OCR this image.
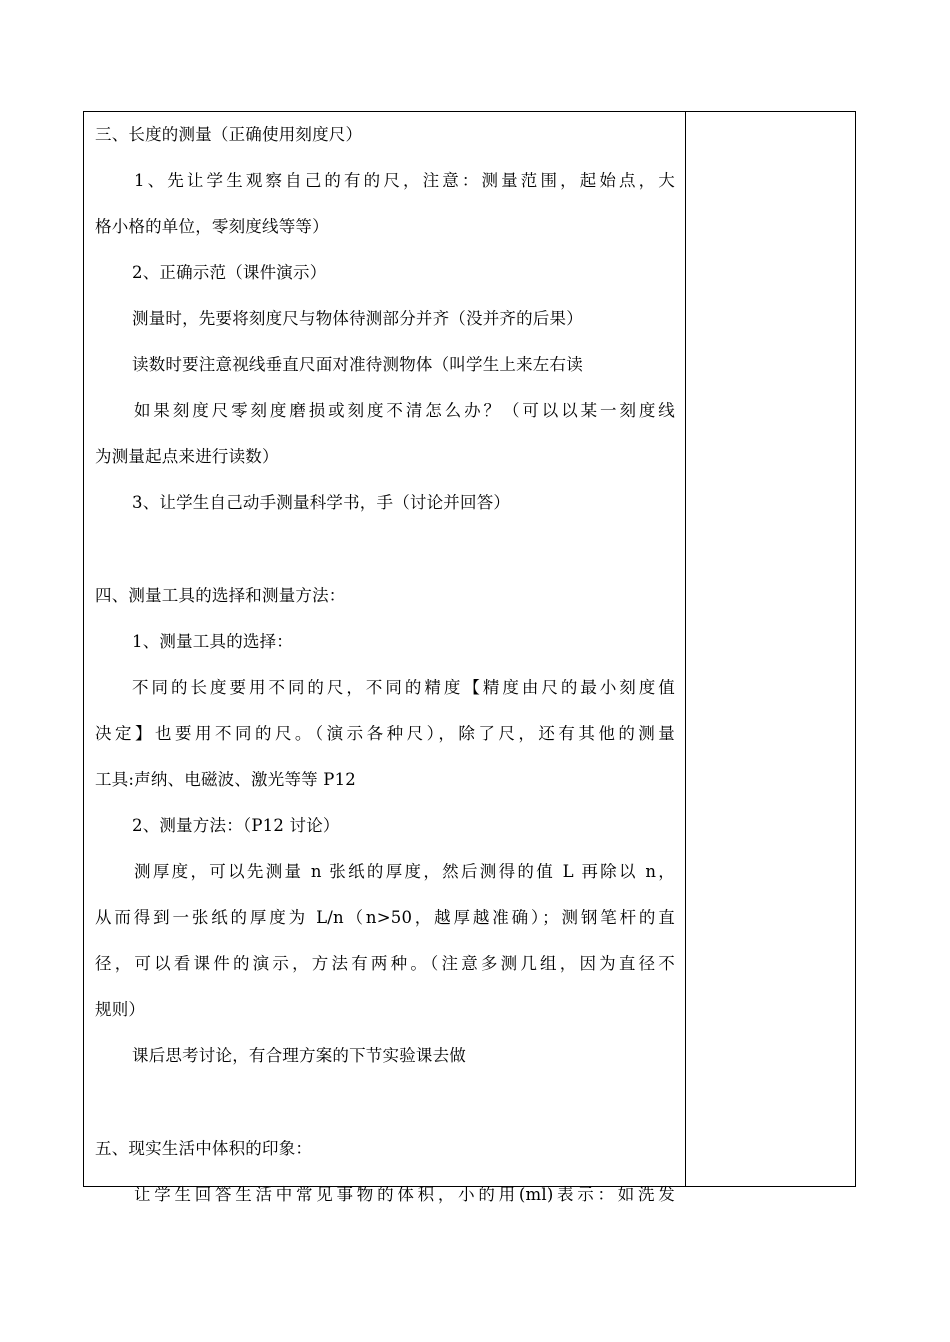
三、长度的测量（正确使用刻度尺）
1、先让学生观察自己的有的尺，注意：测量范围，起始点，大
格小格的单位，零刻度线等等）
2、正确示范（课件演示）
测量时，先要将刻度尺与物体待测部分并齐（没并齐的后果）
读数时要注意视线垂直尺面对准待测物体（叫学生上来左右读
如果刻度尺零刻度磨损或刻度不清怎么办？（可以以某一刻度线
为测量起点来进行读数）
3、让学生自己动手测量科学书，手（讨论并回答）
四、测量工具的选择和测量方法：
1、测量工具的选择：
不同的长度要用不同的尺，不同的精度【精度由尺的最小刻度值
决定】也要用不同的尺。（演示各种尺），除了尺，还有其他的测量
工具:声纳、电磁波、激光等等 P12
2、测量方法：（P12 讨论）
测厚度，可以先测量 n 张纸的厚度，然后测得的值 L 再除以 n，
从而得到一张纸的厚度为 L/n（n>50，越厚越准确）；测钢笔杆的直
径，可以看课件的演示，方法有两种。（注意多测几组，因为直径不
规则）
课后思考讨论，有合理方案的下节实验课去做
五、现实生活中体积的印象：
让学生回答生活中常见事物的体积，小的用(ml)表示：如洗发
